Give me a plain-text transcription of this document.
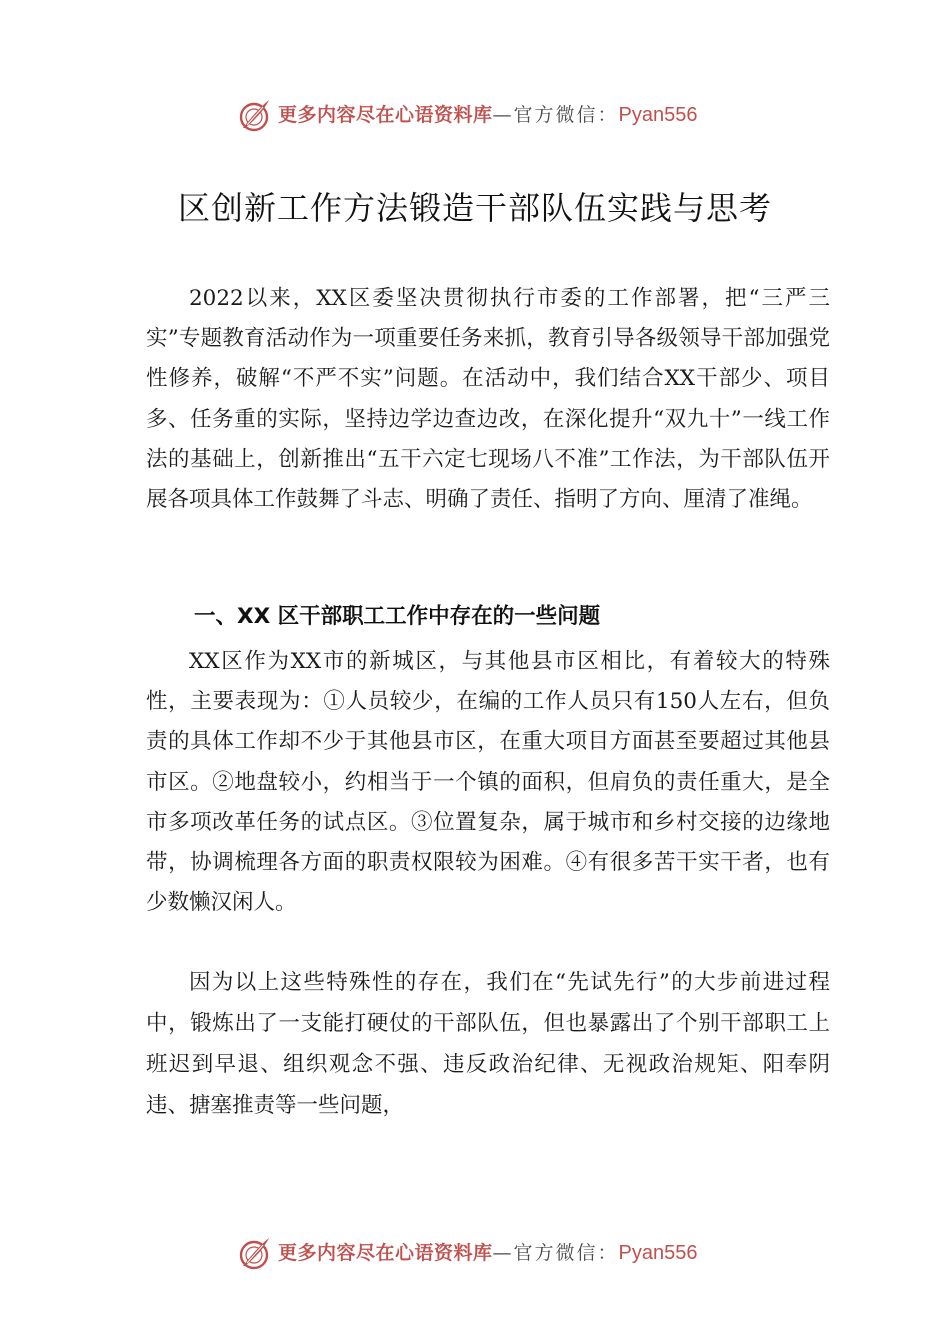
更多内容尽在心语资料库—官方微信：Pyan556
区创新工作方法锻造干部队伍实践与思考

2022以来，XX区委坚决贯彻执行市委的工作部署，把“三严三实”专题教育活动作为一项重要任务来抓，教育引导各级领导干部加强党性修养，破解“不严不实”问题。在活动中，我们结合XX干部少、项目多、任务重的实际，坚持边学边查边改，在深化提升“双九十”一线工作法的基础上，创新推出“五干六定七现场八不准”工作法，为干部队伍开展各项具体工作鼓舞了斗志、明确了责任、指明了方向、厘清了准绳。

一、XX 区干部职工工作中存在的一些问题

XX区作为XX市的新城区，与其他县市区相比，有着较大的特殊性，主要表现为：①人员较少，在编的工作人员只有150人左右，但负责的具体工作却不少于其他县市区，在重大项目方面甚至要超过其他县市区。②地盘较小，约相当于一个镇的面积，但肩负的责任重大，是全市多项改革任务的试点区。③位置复杂，属于城市和乡村交接的边缘地带，协调梳理各方面的职责权限较为困难。④有很多苦干实干者，也有少数懒汉闲人。

因为以上这些特殊性的存在，我们在“先试先行”的大步前进过程中，锻炼出了一支能打硬仗的干部队伍，但也暴露出了个别干部职工上班迟到早退、组织观念不强、违反政治纪律、无视政治规矩、阳奉阴违、搪塞推责等一些问题，

更多内容尽在心语资料库—官方微信：Pyan556
